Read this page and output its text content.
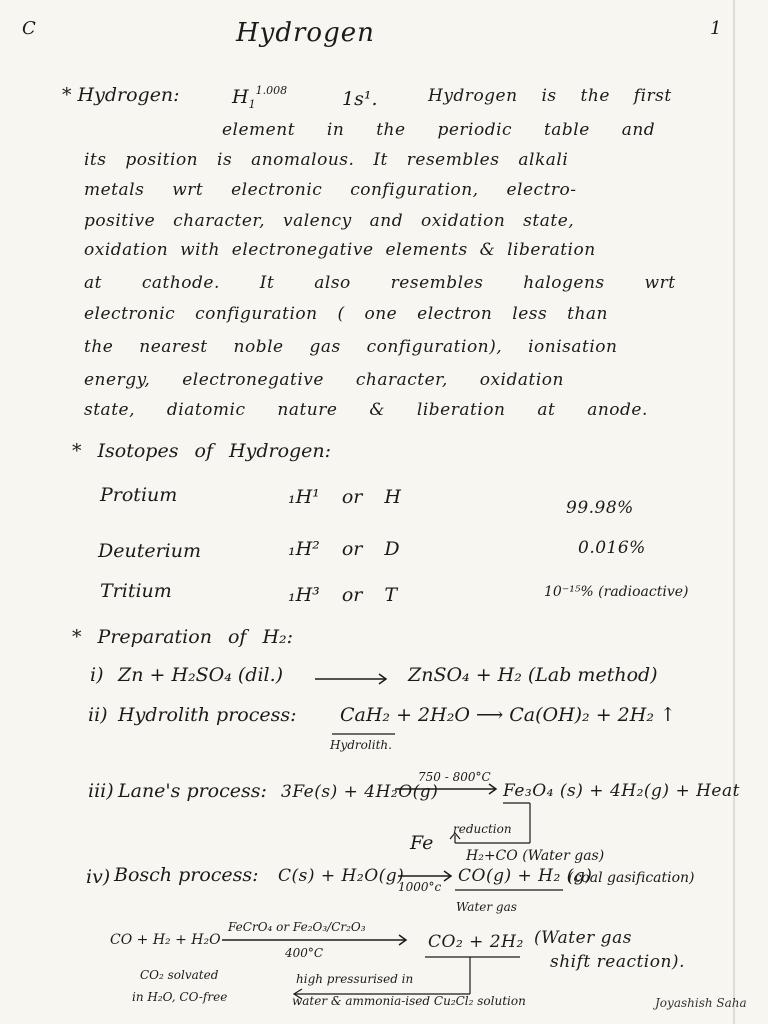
C	Hydrogen	1
* Hydrogen:	$H_1^{1.008}$	1s¹.	Hydrogen is the first
element in the periodic table and
its position is anomalous. It resembles alkali
metals wrt electronic configuration, electro-
positive character, valency and oxidation state,
oxidation with electronegative elements & liberation
at cathode. It also resembles halogens wrt
electronic configuration ( one electron less than
the nearest noble gas configuration), ionisation
energy, electronegative character, oxidation
state, diatomic nature & liberation at anode.
* Isotopes of Hydrogen:
Protium	₁H¹ or H	99.98%
Deuterium	₁H² or D	0.016%
Tritium	₁H³ or T	10⁻¹⁵% (radioactive)
* Preparation of H₂:
i) Zn + H₂SO₄ (dil.)	ZnSO₄ + H₂ (Lab method)
ii) Hydrolith process: CaH₂ + 2H₂O ⟶ Ca(OH)₂ + 2H₂ ↑
Hydrolith.
iii) Lane's process: 3Fe(s) + 4H₂O(g)
750 - 800°C
Fe₃O₄ (s) + 4H₂(g) + Heat
Fe
reduction
H₂+CO (Water gas)
iv) Bosch process: C(s) + H₂O(g)
1000°c
CO(g) + H₂ (g)
(coal gasification)
Water gas
CO + H₂ + H₂O
FeCrO₄ or Fe₂O₃/Cr₂O₃
400°C
CO₂ + 2H₂ (Water gas
shift reaction).
CO₂ solvated
in H₂O, CO-free
high pressurised in
water & ammonia-ised Cu₂Cl₂ solution	Joyashish Saha
